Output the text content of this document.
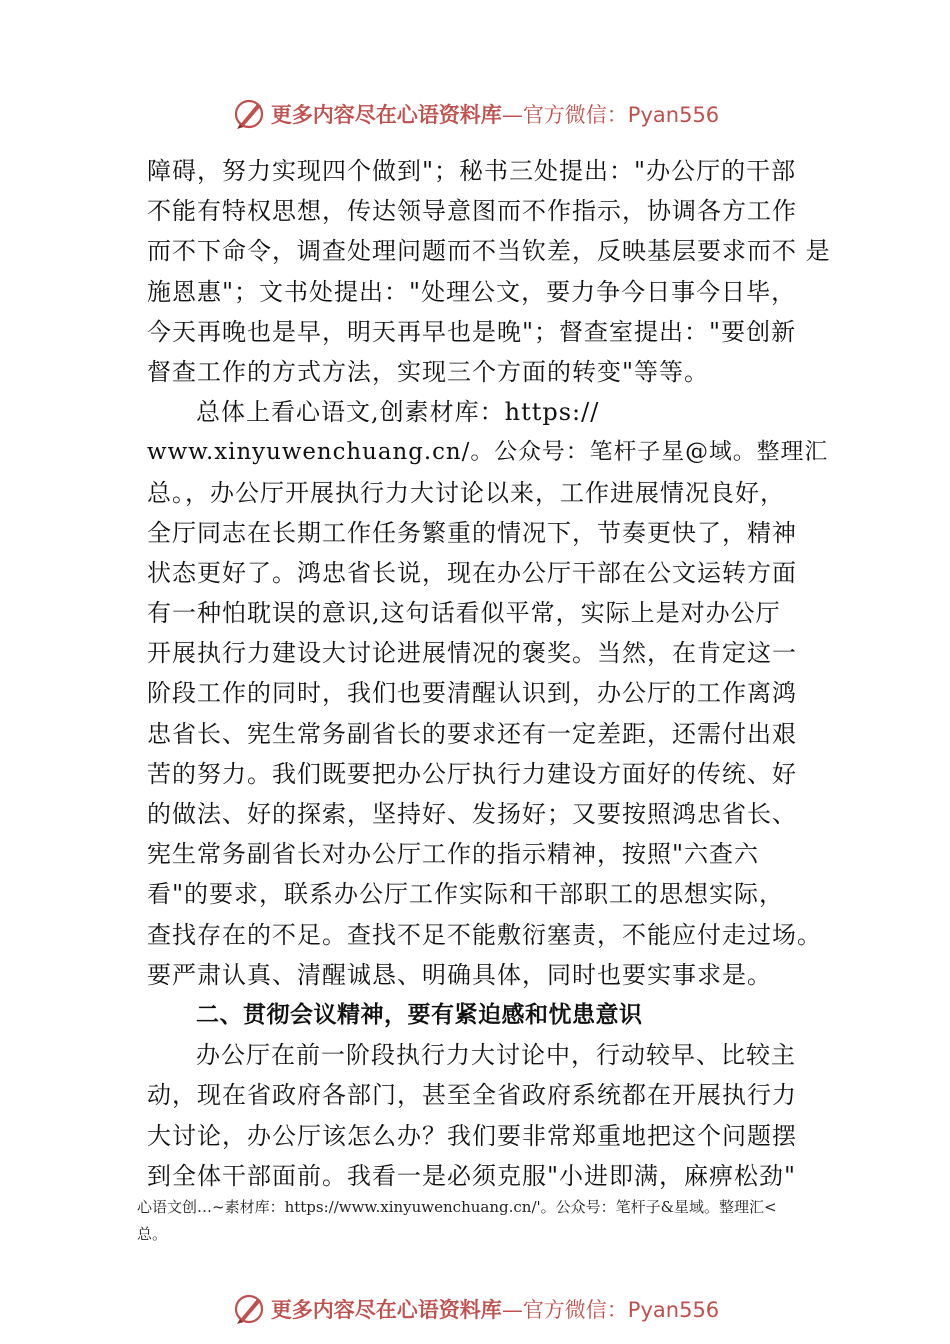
更多内容尽在心语资料库—官方微信：Pyan556
障碍，努力实现四个做到"；秘书三处提出："办公厅的干部
不能有特权思想，传达领导意图而不作指示，协调各方工作
而不下命令，调查处理问题而不当钦差，反映基层要求而不 是
施恩惠"；文书处提出："处理公文，要力争今日事今日毕，
今天再晚也是早，明天再早也是晚"；督查室提出："要创新
督查工作的方式方法，实现三个方面的转变"等等。
总体上看心语文,创素材库：https://
www.xinyuwenchuang.cn/。公众号：笔杆子星@域。整理汇
总。，办公厅开展执行力大讨论以来，工作进展情况良好，
全厅同志在长期工作任务繁重的情况下，节奏更快了，精神
状态更好了。鸿忠省长说，现在办公厅干部在公文运转方面
有一种怕耽误的意识,这句话看似平常，实际上是对办公厅
开展执行力建设大讨论进展情况的褒奖。当然，在肯定这一
阶段工作的同时，我们也要清醒认识到，办公厅的工作离鸿
忠省长、宪生常务副省长的要求还有一定差距，还需付出艰
苦的努力。我们既要把办公厅执行力建设方面好的传统、好
的做法、好的探索，坚持好、发扬好；又要按照鸿忠省长、
宪生常务副省长对办公厅工作的指示精神，按照"六查六
看"的要求，联系办公厅工作实际和干部职工的思想实际，
查找存在的不足。查找不足不能敷衍塞责，不能应付走过场。
要严肃认真、清醒诚恳、明确具体，同时也要实事求是。
二、贯彻会议精神，要有紧迫感和忧患意识
办公厅在前一阶段执行力大讨论中，行动较早、比较主
动，现在省政府各部门，甚至全省政府系统都在开展执行力
大讨论，办公厅该怎么办？我们要非常郑重地把这个问题摆
到全体干部面前。我看一是必须克服"小进即满，麻痹松劲"
心语文创…~素材库：https://www.xinyuwenchuang.cn/'。公众号：笔杆子&星域。整理汇<
总。
更多内容尽在心语资料库—官方微信：Pyan556
